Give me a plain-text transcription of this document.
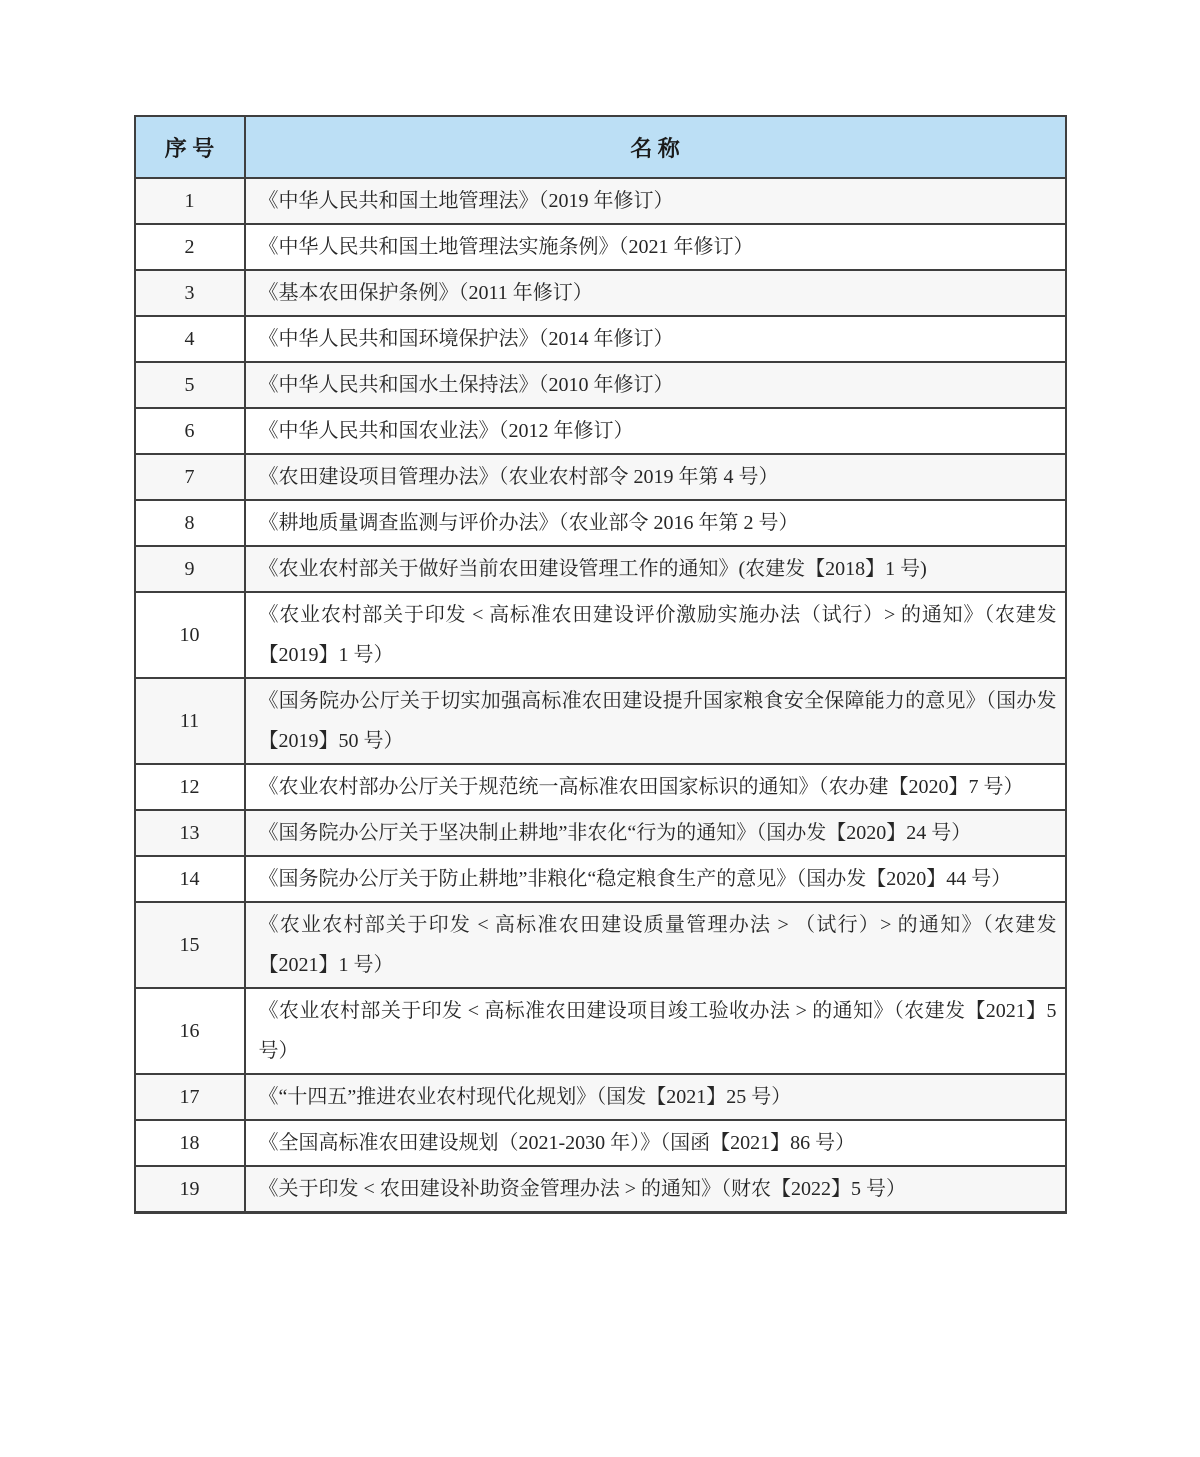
序 号	名 称
1	《中华人民共和国土地管理法》（2019 年修订）
2	《中华人民共和国土地管理法实施条例》（2021 年修订）
3	《基本农田保护条例》（2011 年修订）
4	《中华人民共和国环境保护法》（2014 年修订）
5	《中华人民共和国水土保持法》（2010 年修订）
6	《中华人民共和国农业法》（2012 年修订）
7	《农田建设项目管理办法》（农业农村部令 2019 年第 4 号）
8	《耕地质量调查监测与评价办法》（农业部令 2016 年第 2 号）
9	《农业农村部关于做好当前农田建设管理工作的通知》(农建发【2018】1 号)
10	《农业农村部关于印发 < 高标准农田建设评价激励实施办法（试行）> 的通知》（农建发【2019】1 号）
11	《国务院办公厅关于切实加强高标准农田建设提升国家粮食安全保障能力的意见》（国办发【2019】50 号）
12	《农业农村部办公厅关于规范统一高标准农田国家标识的通知》（农办建【2020】7 号）
13	《国务院办公厅关于坚决制止耕地”非农化“行为的通知》（国办发【2020】24 号）
14	《国务院办公厅关于防止耕地”非粮化“稳定粮食生产的意见》（国办发【2020】44 号）
15	《农业农村部关于印发 < 高标准农田建设质量管理办法 > （试行）> 的通知》（农建发【2021】1 号）
16	《农业农村部关于印发 < 高标准农田建设项目竣工验收办法 > 的通知》（农建发【2021】5 号）
17	《“十四五”推进农业农村现代化规划》（国发【2021】25 号）
18	《全国高标准农田建设规划（2021-2030 年）》（国函【2021】86 号）
19	《关于印发 < 农田建设补助资金管理办法 > 的通知》（财农【2022】5 号）
